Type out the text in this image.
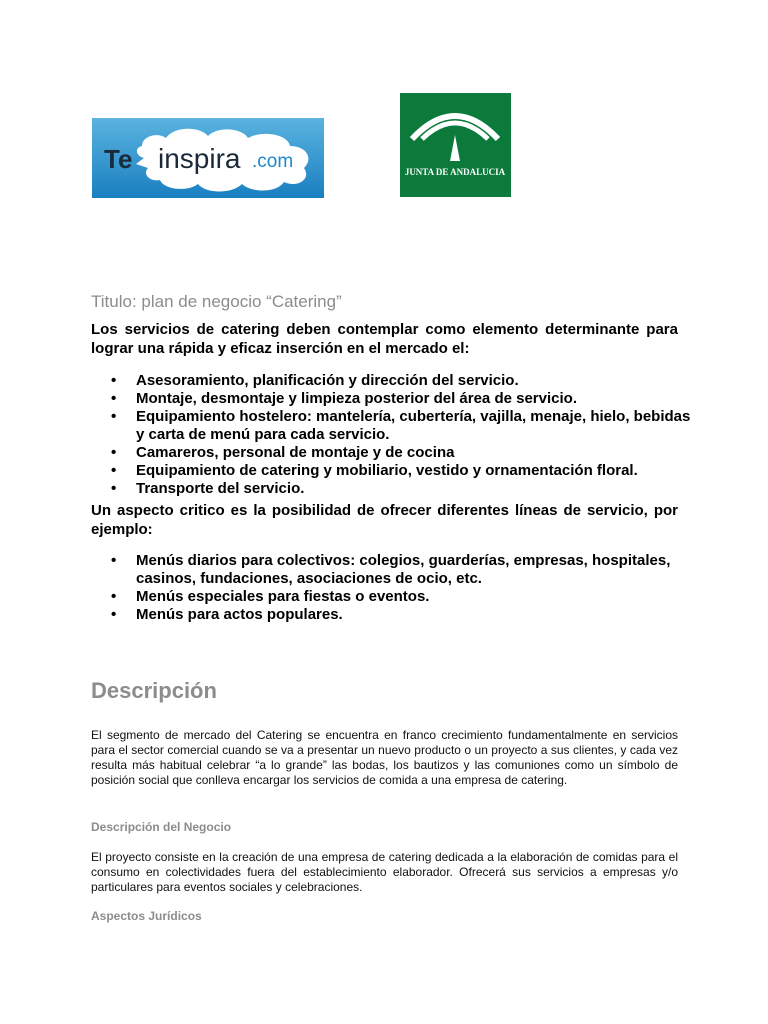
Te inspira .com	JUNTA DE ANDALUCIA
Titulo: plan de negocio “Catering”
Los servicios de catering deben contemplar como elemento determinante para lograr una rápida y eficaz inserción en el mercado el:
• Asesoramiento, planificación y dirección del servicio.
• Montaje, desmontaje y limpieza posterior del área de servicio.
• Equipamiento hostelero: mantelería, cubertería, vajilla, menaje, hielo, bebidas y carta de menú para cada servicio.
• Camareros, personal de montaje y de cocina
• Equipamiento de catering y mobiliario, vestido y ornamentación floral.
• Transporte del servicio.
Un aspecto critico es la posibilidad de ofrecer diferentes líneas de servicio, por ejemplo:
• Menús diarios para colectivos: colegios, guarderías, empresas, hospitales, casinos, fundaciones, asociaciones de ocio, etc.
• Menús especiales para fiestas o eventos.
• Menús para actos populares.
Descripción
El segmento de mercado del Catering se encuentra en franco crecimiento fundamentalmente en servicios para el sector comercial cuando se va a presentar un nuevo producto o un proyecto a sus clientes, y cada vez resulta más habitual celebrar “a lo grande” las bodas, los bautizos y las comuniones como un símbolo de posición social que conlleva encargar los servicios de comida a una empresa de catering.
Descripción del Negocio
El proyecto consiste en la creación de una empresa de catering dedicada a la elaboración de comidas para el consumo en colectividades fuera del establecimiento elaborador. Ofrecerá sus servicios a empresas y/o particulares para eventos sociales y celebraciones.
Aspectos Jurídicos
